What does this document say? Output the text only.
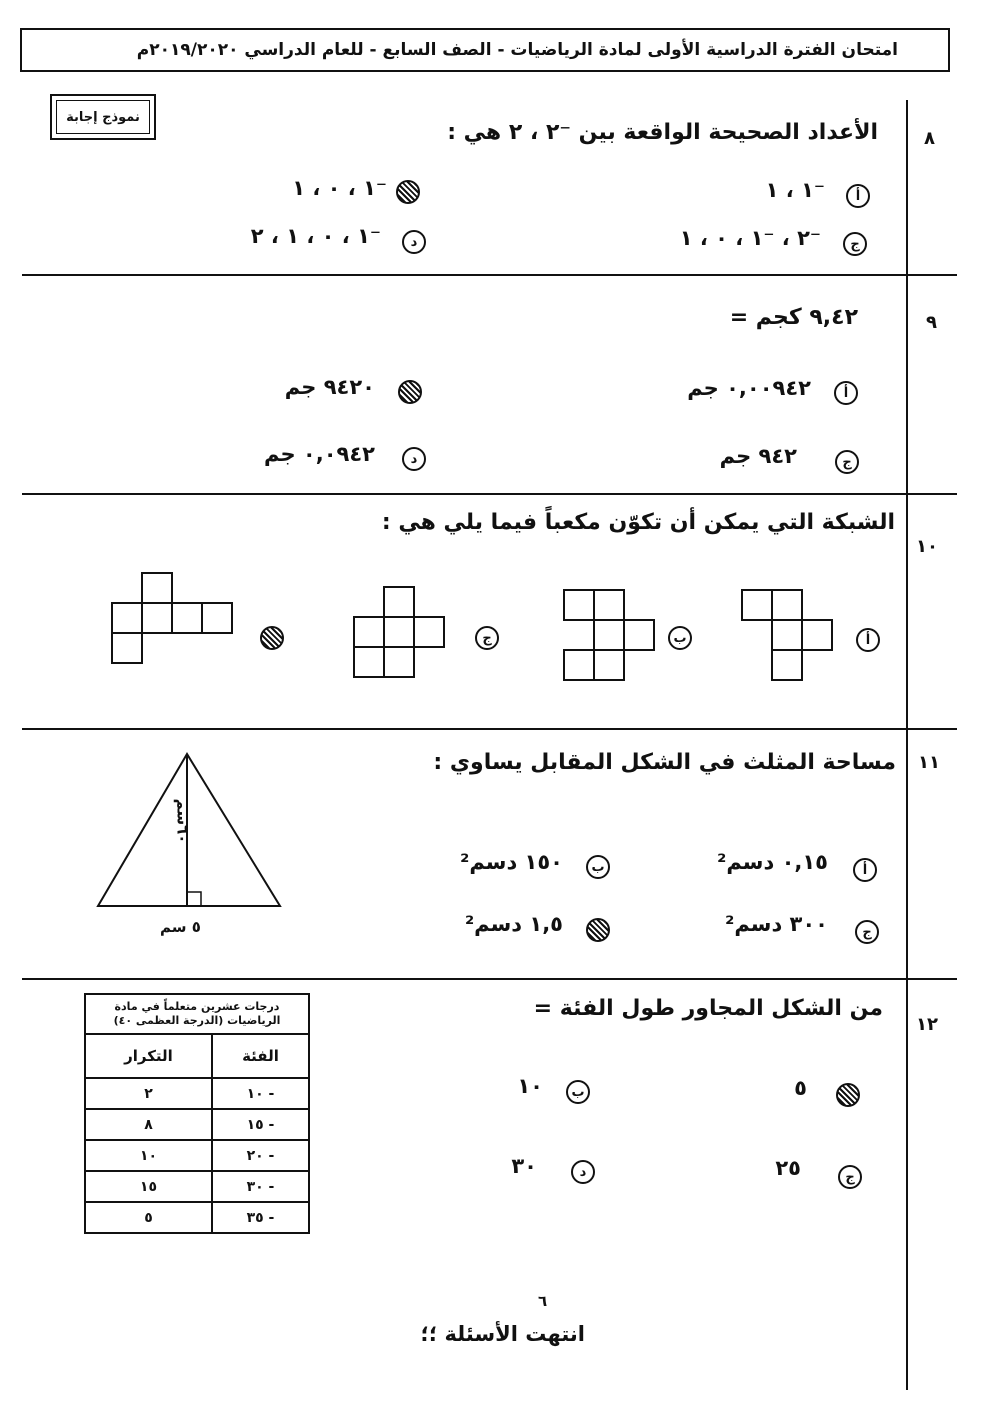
امتحان الفترة الدراسية الأولى لمادة الرياضيات - الصف السابع - للعام الدراسي ٢٠١٩/٢٠٢٠م
نموذج إجابة
٨
الأعداد الصحيحة الواقعة بين ⁻٢ ، ٢ هي :
أ
⁻١ ، ١
⁻١ ، ٠ ، ١
ج
⁻٢ ، ⁻١ ، ٠ ، ١
د
⁻١ ، ٠ ، ١ ، ٢
٩
٩,٤٢ كجم =
أ
٠,٠٠٩٤٢ جم
٩٤٢٠ جم
ج
٩٤٢ جم
د
٠,٠٩٤٢ جم
١٠
الشبكة التي يمكن أن تكوّن مكعباً فيما يلي هي :
ج	ب	أ
١١
مساحة المثلث في الشكل المقابل يساوي :
٦٠سم
٥ سم
أ
٠,١٥ دسم²
ب
١٥٠ دسم²
ج
٣٠٠ دسم²
١,٥ دسم²
١٢
من الشكل المجاور طول الفئة =
درجات عشرين متعلماً في مادة الرياضيات (الدرجة العظمى ٤٠)	
التكرار	الفئة
٢	١٠ -
٨	١٥ -
١٠	٢٠ -
١٥	٣٠ -
٥	٣٥ -
٥
ب
١٠
ج
٢٥
د
٣٠
٦
انتهت الأسئلة ؛؛
